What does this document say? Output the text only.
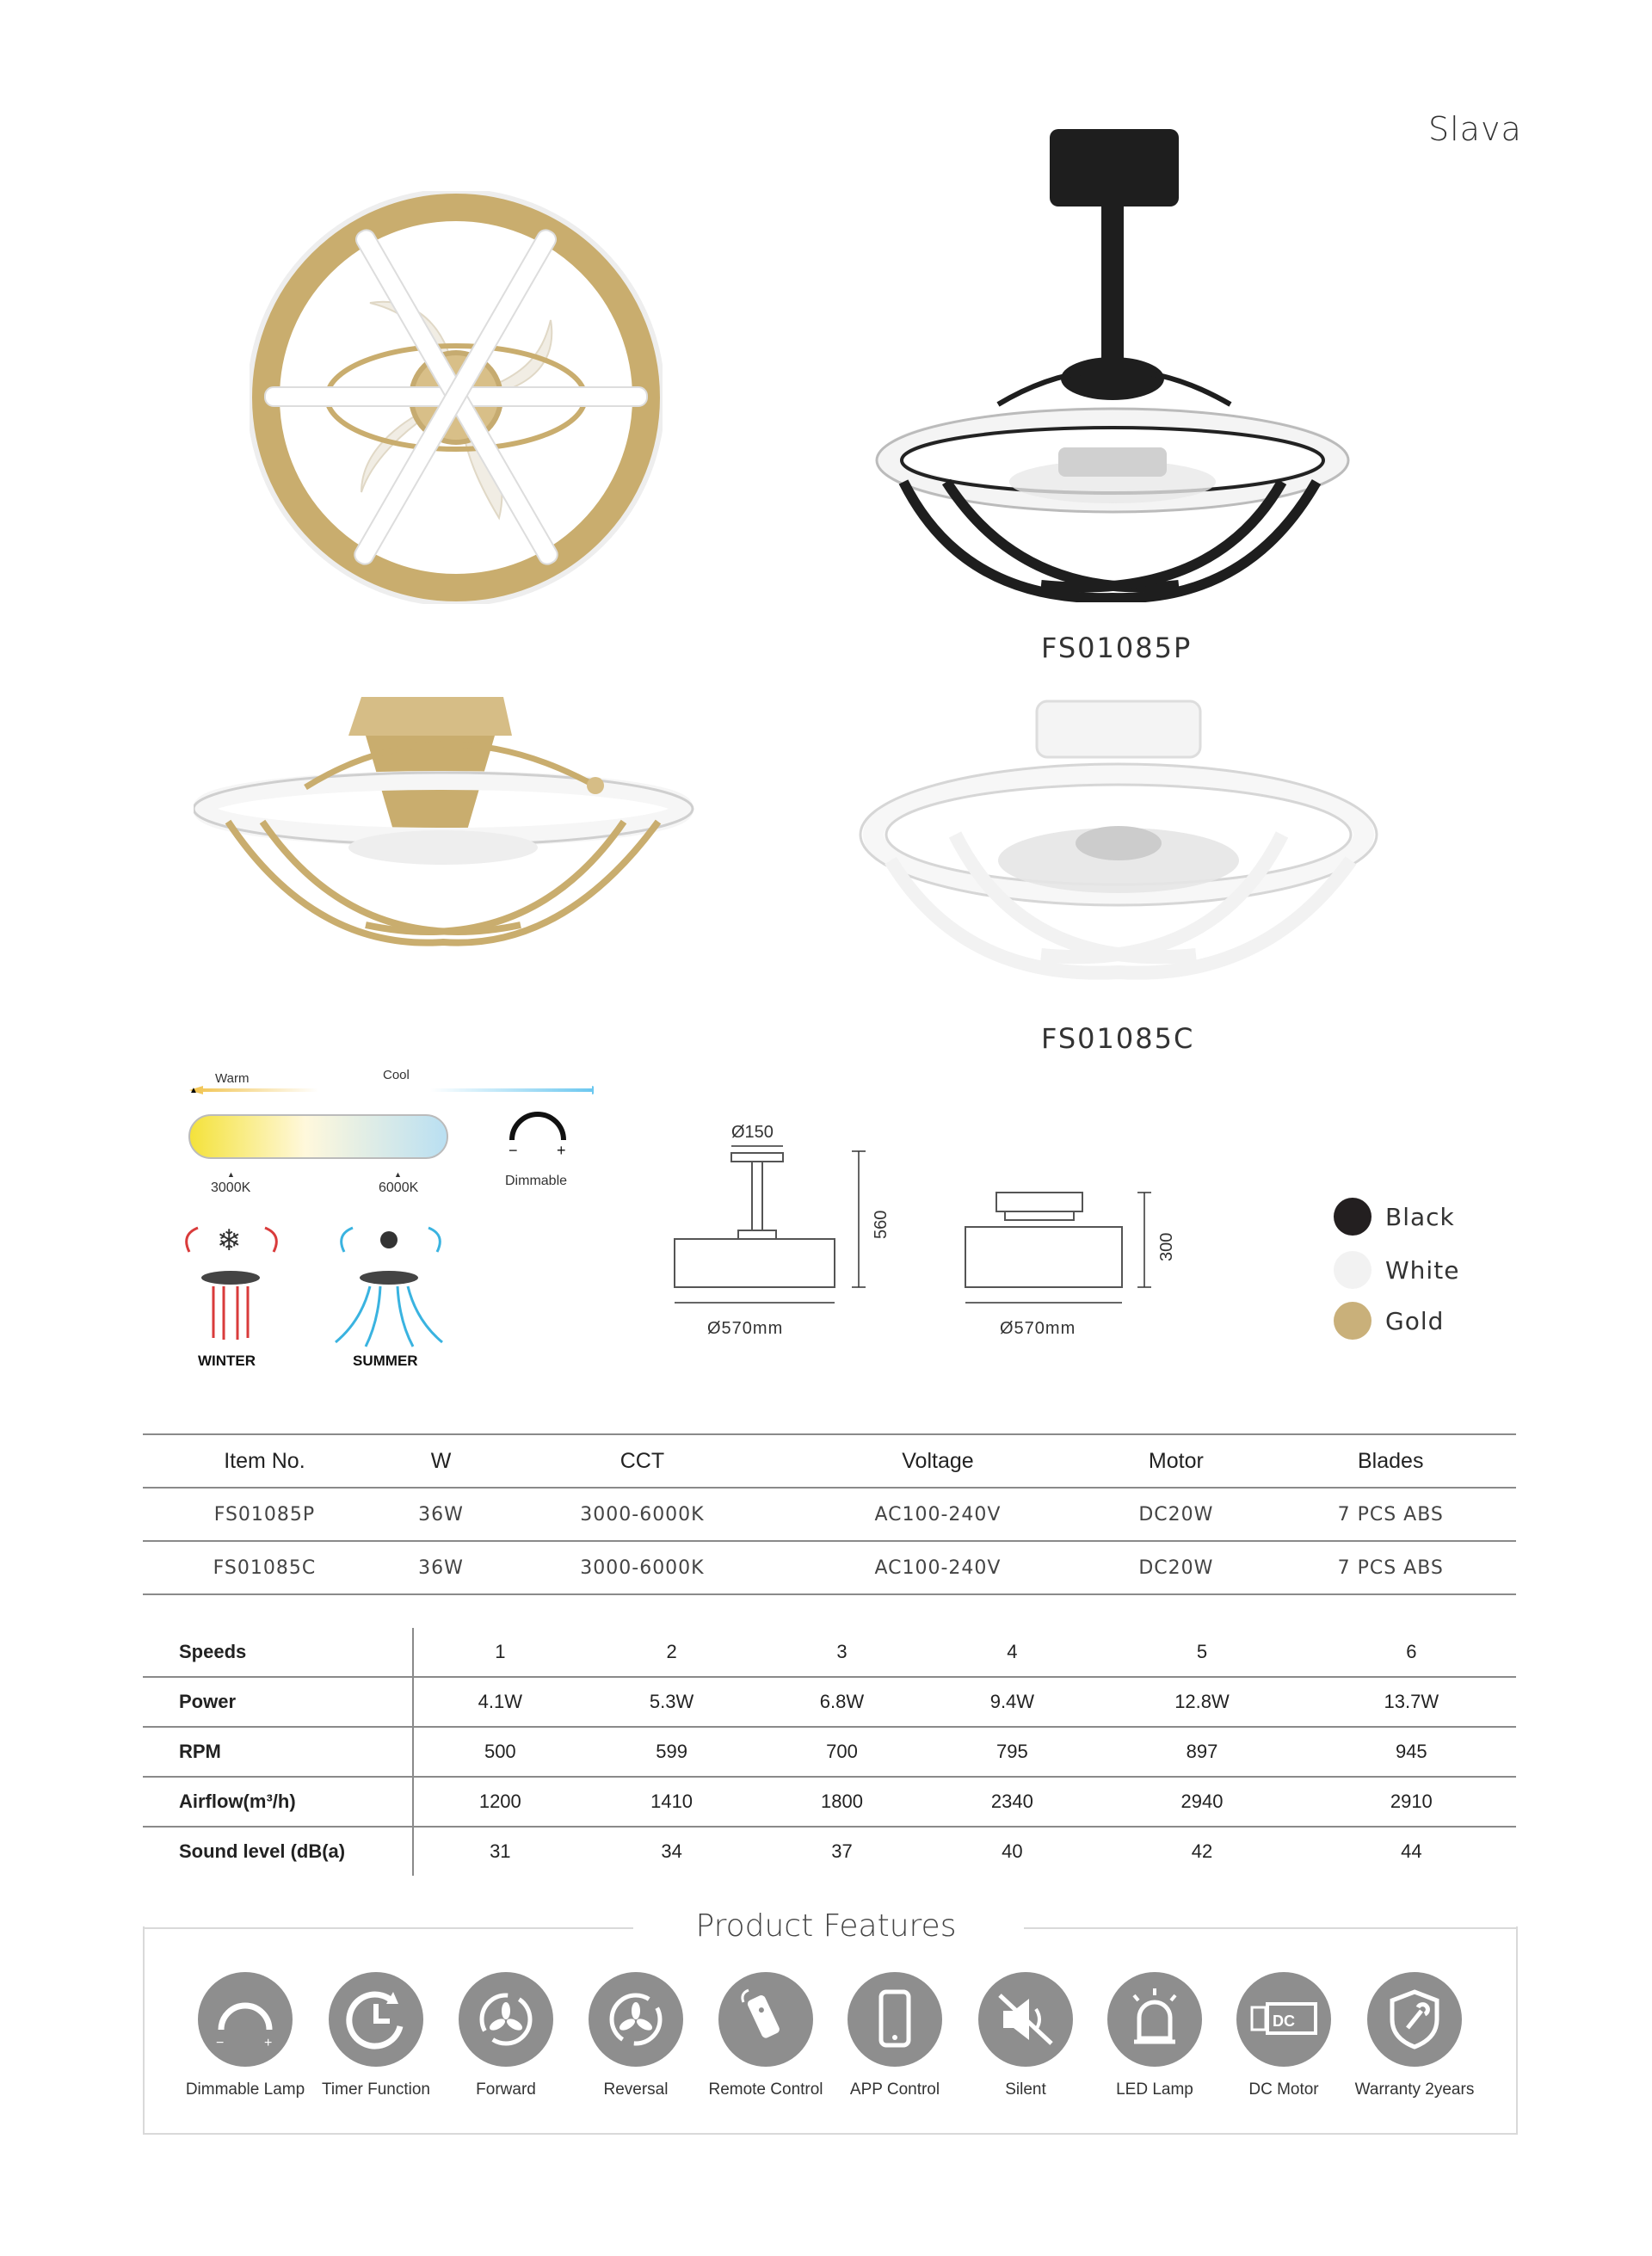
Slava
FS01085P
FS01085C
▲
Warm	Cool
▲	▲
3000K	6000K
−	+
Dimmable
❄
WINTER	SUMMER
Ø150
560
Ø570mm
300
Ø570mm
Black
White
Gold
Item No.	W	CCT	Voltage	Motor	Blades
FS01085P	36W	3000-6000K	AC100-240V	DC20W	7 PCS ABS
FS01085C	36W	3000-6000K	AC100-240V	DC20W	7 PCS ABS
Speeds	1	2	3	4	5	6
Power	4.1W	5.3W	6.8W	9.4W	12.8W	13.7W
RPM	500	599	700	795	897	945
Airflow(m³/h)	1200	1410	1800	2340	2940	2910
Sound level (dB(a)	31	34	37	40	42	44
Product Features
−	+
Dimmable Lamp	Timer Function	Forward	Reversal	Remote Control	APP Control	Silent	LED Lamp
DC
DC Motor	Warranty 2years
